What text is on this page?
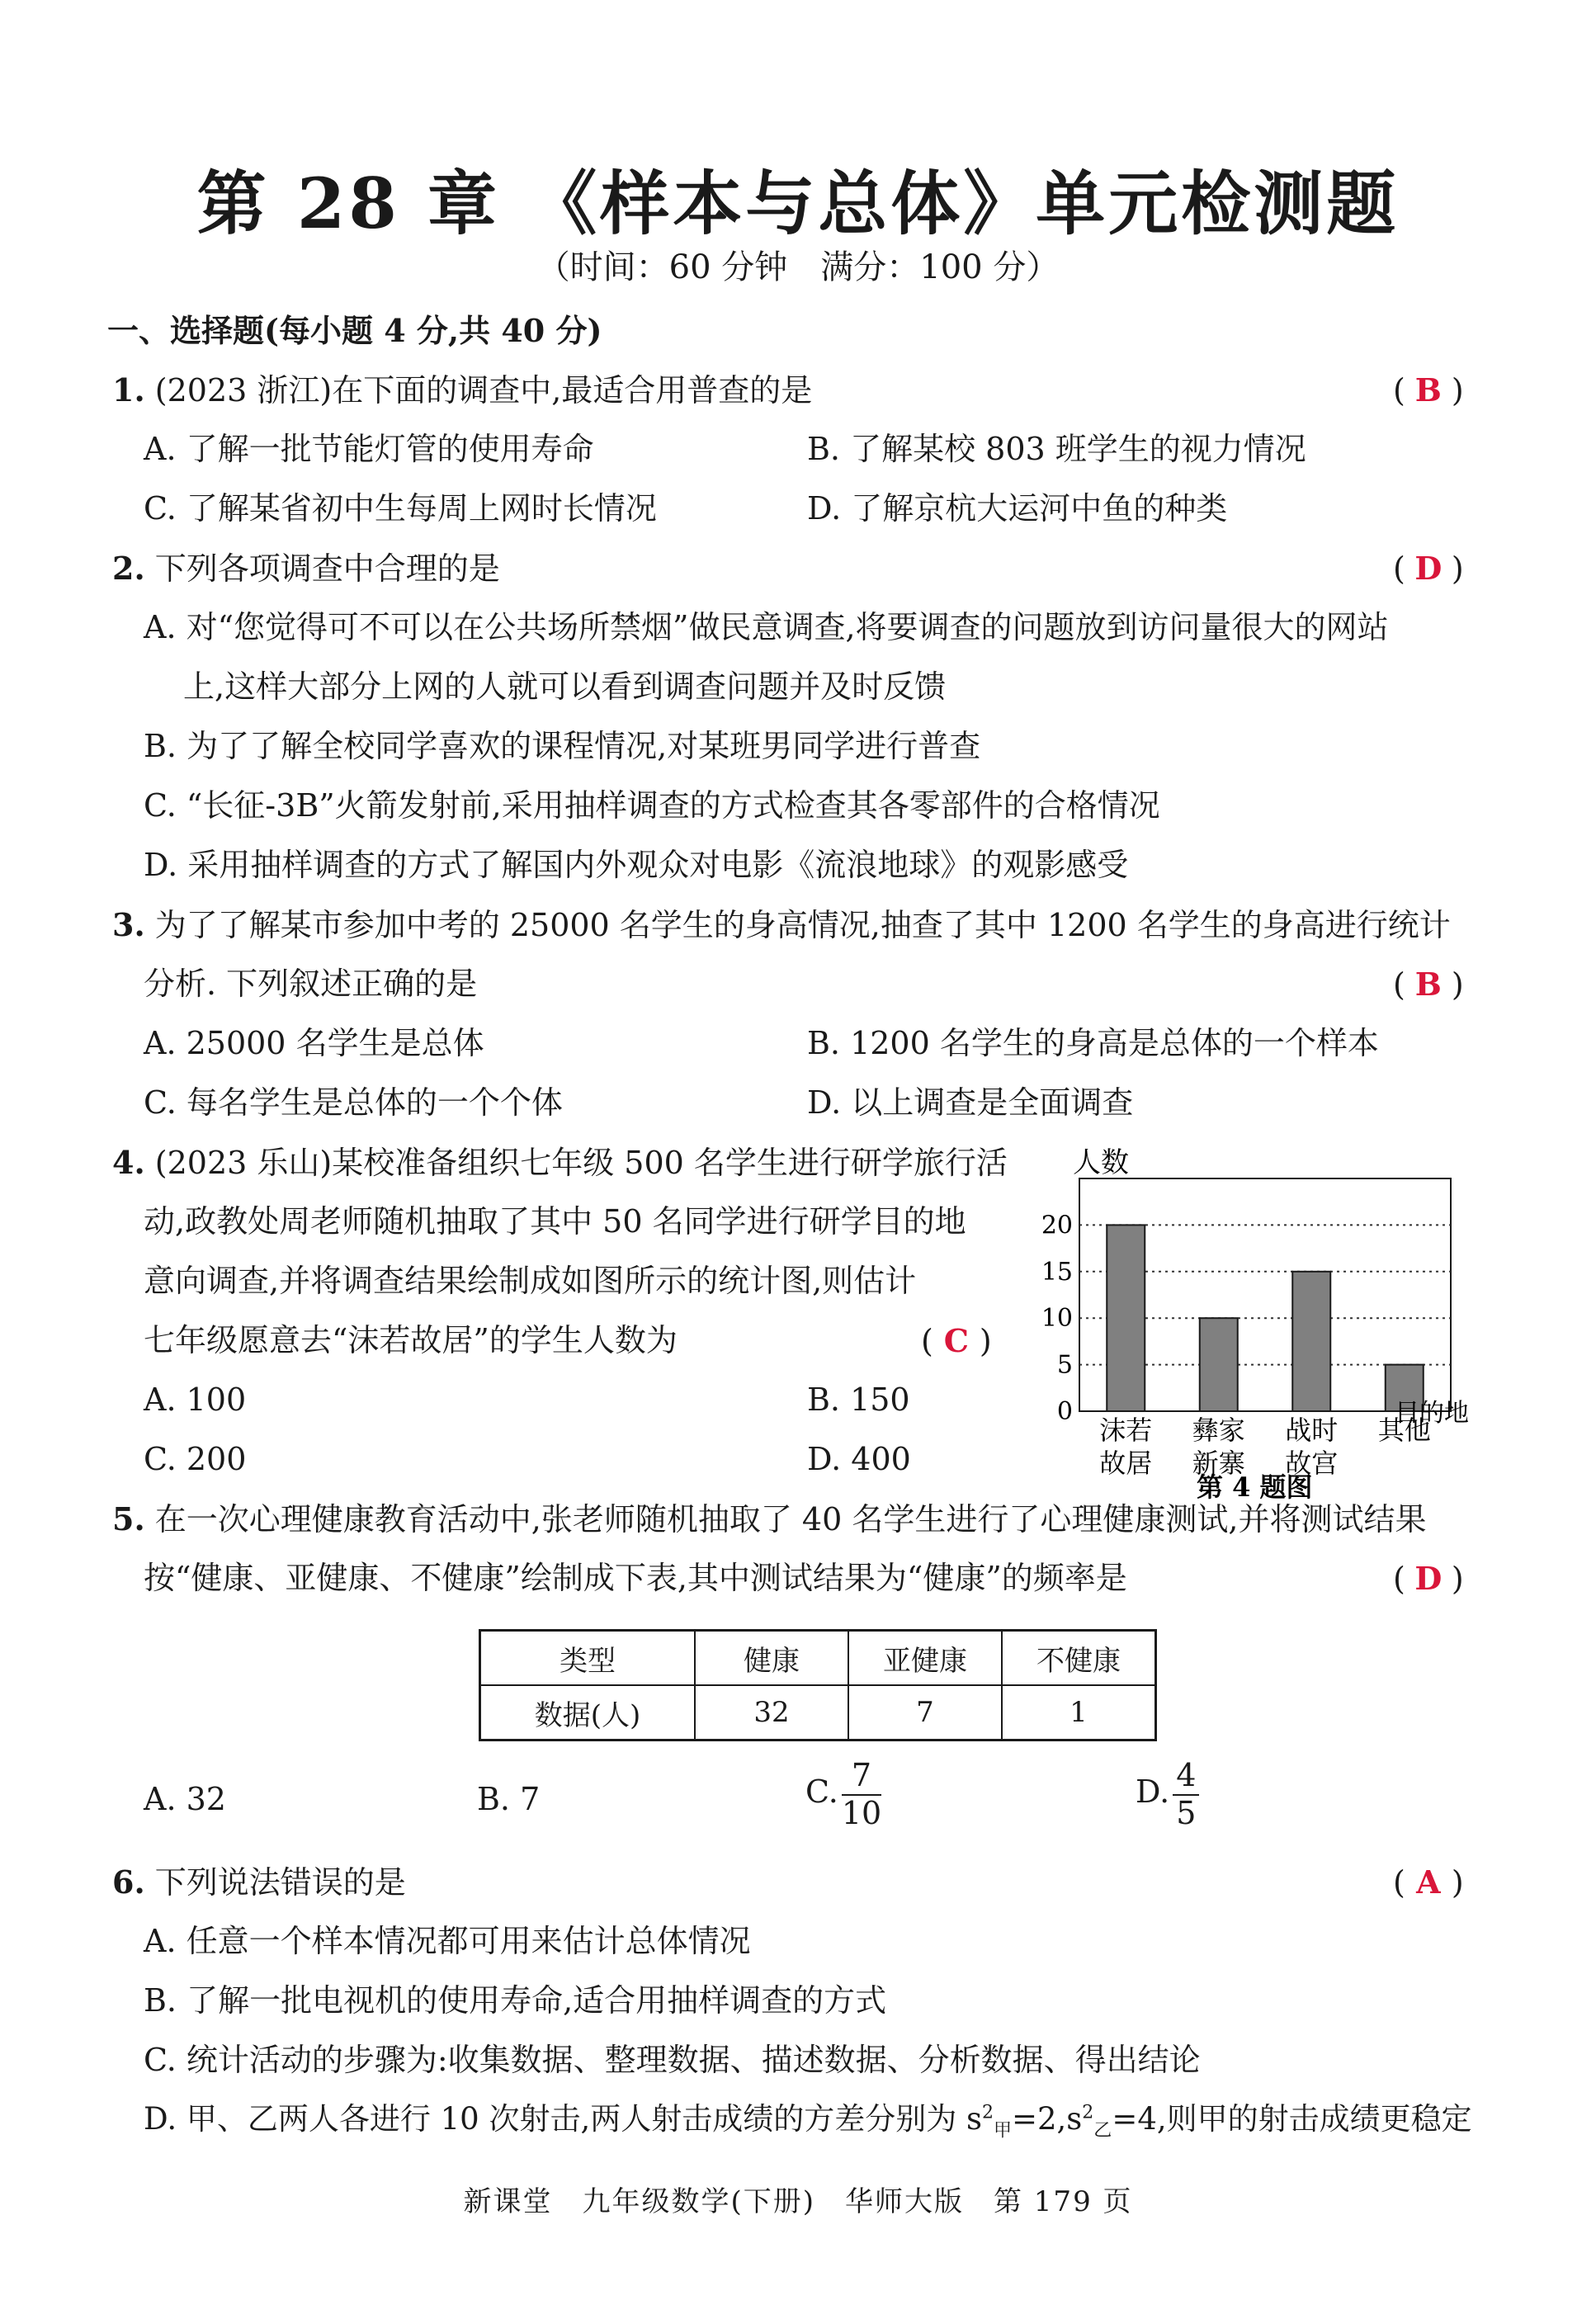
第 28 章 《样本与总体》单元检测题
（时间：60 分钟　满分：100 分）
一、选择题(每小题 4 分,共 40 分)
1. (2023 浙江)在下面的调查中,最适合用普查的是	( B )
A. 了解一批节能灯管的使用寿命	B. 了解某校 803 班学生的视力情况
C. 了解某省初中生每周上网时长情况	D. 了解京杭大运河中鱼的种类
2. 下列各项调查中合理的是	( D )
A. 对“您觉得可不可以在公共场所禁烟”做民意调查,将要调查的问题放到访问量很大的网站
上,这样大部分上网的人就可以看到调查问题并及时反馈
B. 为了了解全校同学喜欢的课程情况,对某班男同学进行普查
C. “长征-3B”火箭发射前,采用抽样调查的方式检查其各零部件的合格情况
D. 采用抽样调查的方式了解国内外观众对电影《流浪地球》的观影感受
3. 为了了解某市参加中考的 25000 名学生的身高情况,抽查了其中 1200 名学生的身高进行统计
分析. 下列叙述正确的是	( B )
A. 25000 名学生是总体	B. 1200 名学生的身高是总体的一个样本
C. 每名学生是总体的一个个体	D. 以上调查是全面调查
4. (2023 乐山)某校准备组织七年级 500 名学生进行研学旅行活
动,政教处周老师随机抽取了其中 50 名同学进行研学目的地
意向调查,并将调查结果绘制成如图所示的统计图,则估计
七年级愿意去“沫若故居”的学生人数为	( C )
A. 100	B. 150
C. 200	D. 400
人数
0
5
10
15
20
沫若
故居
彝家
新寨
战时
故宫
其他
目的地
第 4 题图
5. 在一次心理健康教育活动中,张老师随机抽取了 40 名学生进行了心理健康测试,并将测试结果
按“健康、亚健康、不健康”绘制成下表,其中测试结果为“健康”的频率是	( D )
类型	健康	亚健康	不健康
数据(人)	32	7	1
A. 32	B. 7	C. $\frac{7}{10}$	D. $\frac{4}{5}$
6. 下列说法错误的是	( A )
A. 任意一个样本情况都可用来估计总体情况
B. 了解一批电视机的使用寿命,适合用抽样调查的方式
C. 统计活动的步骤为:收集数据、整理数据、描述数据、分析数据、得出结论
D. 甲、乙两人各进行 10 次射击,两人射击成绩的方差分别为 $s^2_甲=2,s^2_乙=4$,则甲的射击成绩更稳定
新课堂　九年级数学(下册)　华师大版　第 179 页
